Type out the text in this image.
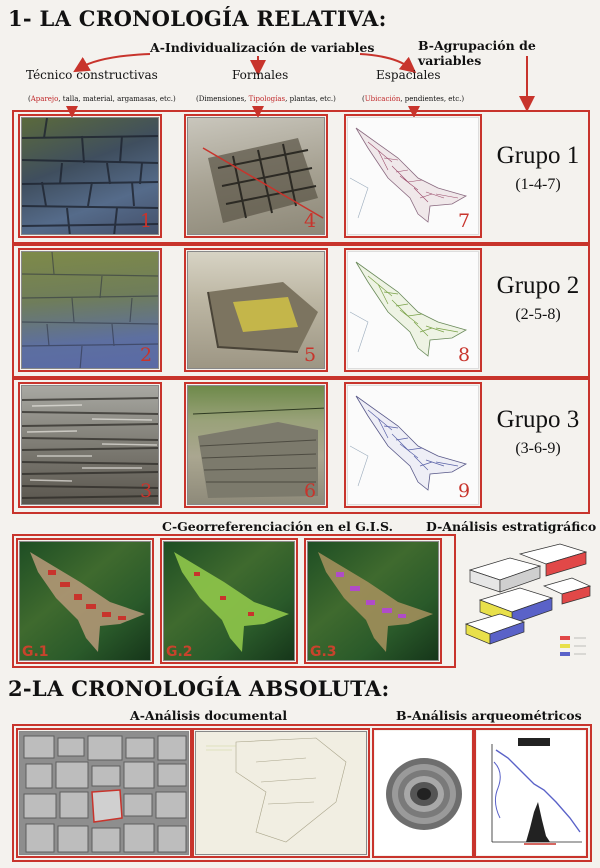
1- LA CRONOLOGÍA RELATIVA:
A-Individualización de variables	B-Agrupación de variables
Técnico constructivas	Formales	Espaciales
(Aparejo, talla, material, argamasas, etc.)	(Dimensiones, Tipologías, plantas, etc.)	(Ubicación, pendientes, etc.)
1	4	7
Grupo 1
(1-4-7)
2	5	8
Grupo 2
(2-5-8)
3	6	9
Grupo 3
(3-6-9)
C-Georreferenciación en el G.I.S.	D-Análisis estratigráfico
G.1	G.2	G.3
2-LA CRONOLOGÍA ABSOLUTA:
A-Análisis documental	B-Análisis arqueométricos
